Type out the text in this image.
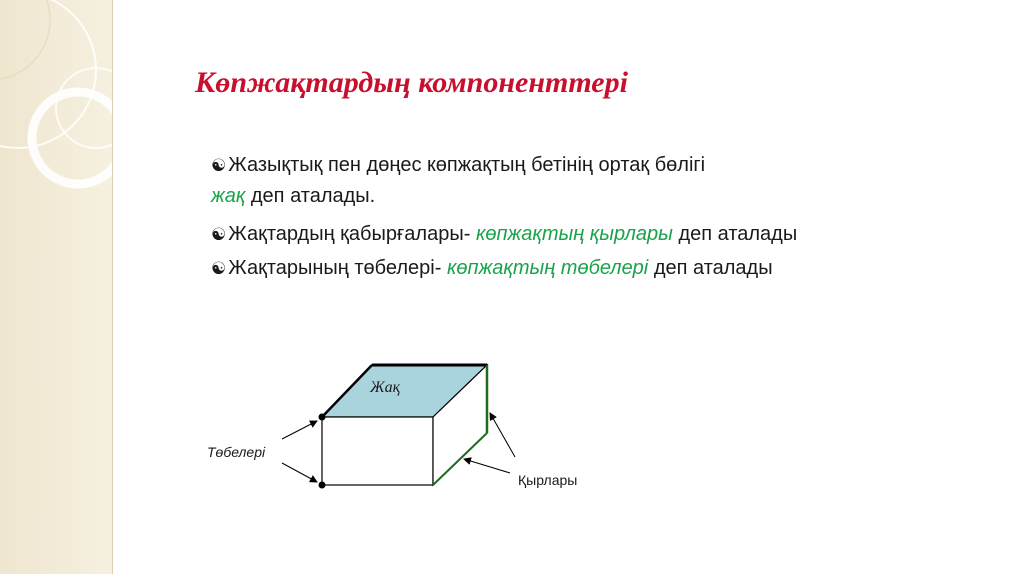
Көпжақтардың компоненттері
☯ Жазықтық пен дөңес көпжақтың бетінің ортақ бөлігі
жақ деп аталады.
☯ Жақтардың қабырғалары- көпжақтың қырлары деп аталады
☯ Жақтарының төбелері- көпжақтың төбелері деп аталады
Жақ
Төбелері
Қырлары
